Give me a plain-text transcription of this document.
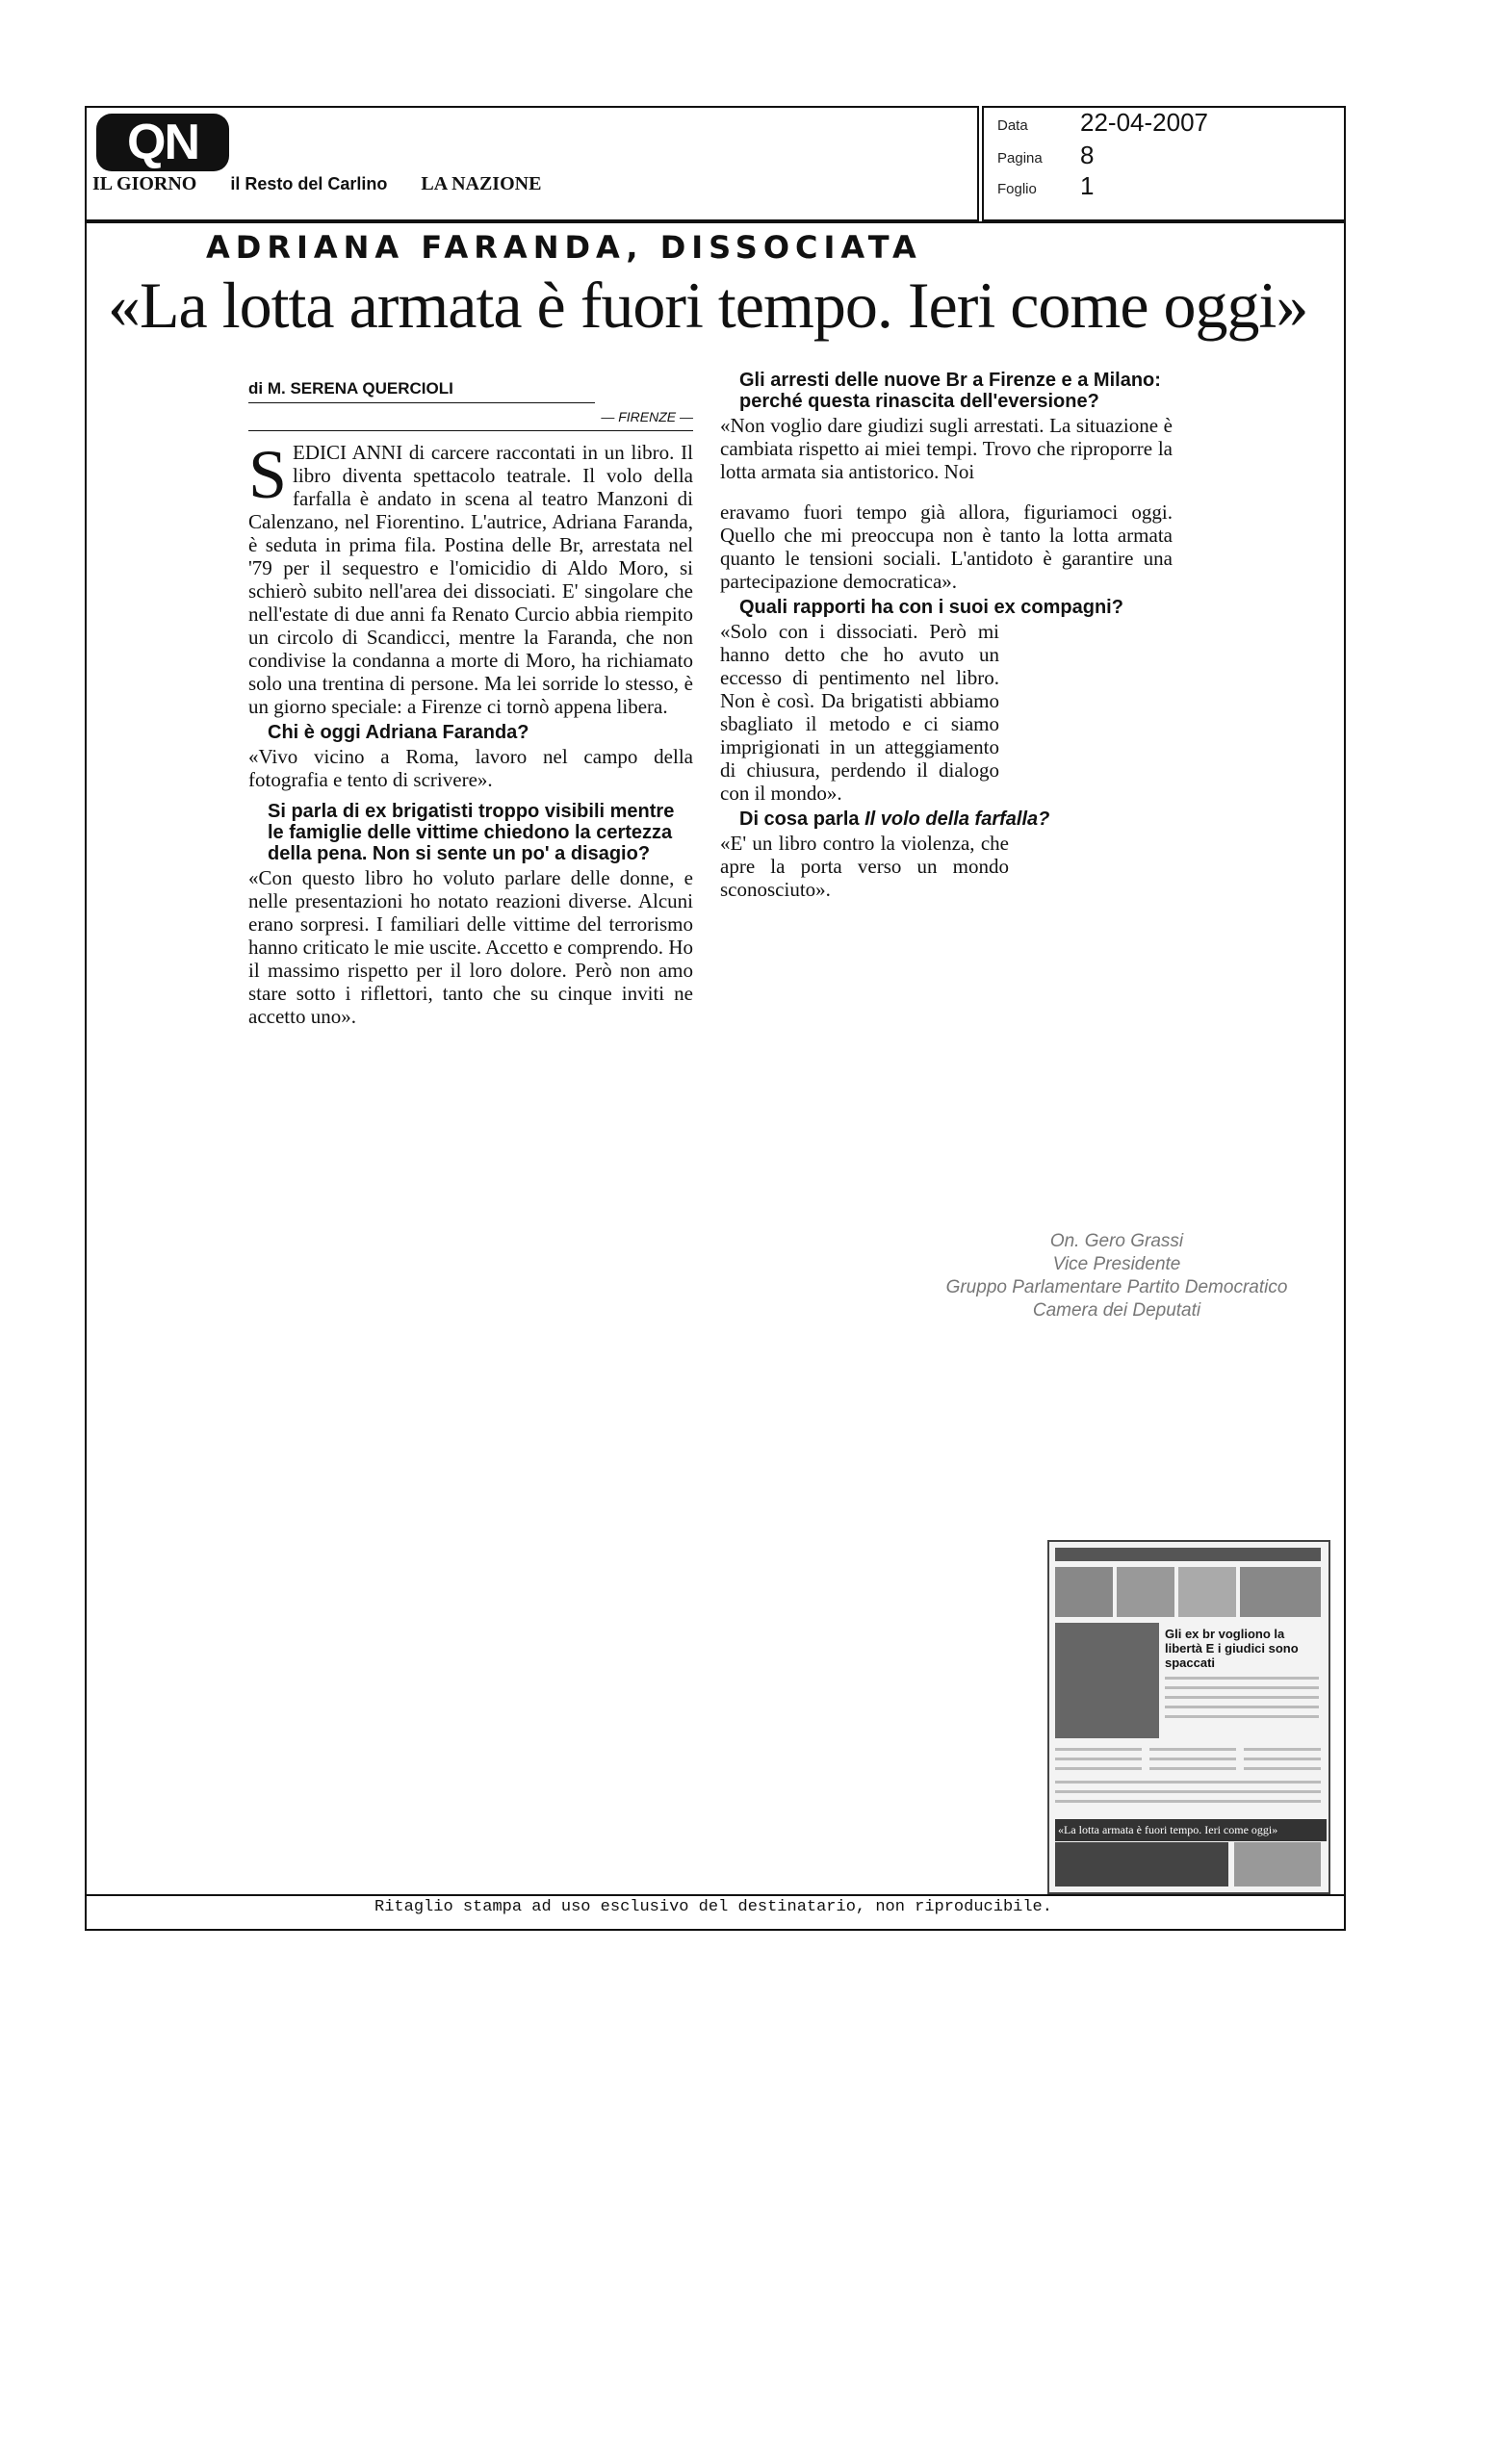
QN
IL GIORNO il Resto del Carlino LA NAZIONE
Data 22-04-2007
Pagina 8
Foglio 1
ADRIANA FARANDA, DISSOCIATA
«La lotta armata è fuori tempo. Ieri come oggi»
di M. SERENA QUERCIOLI
— FIRENZE —

SEDICI ANNI di carcere raccontati in un libro. Il libro diventa spettacolo teatrale. Il volo della farfalla è andato in scena al teatro Manzoni di Calenzano, nel Fiorentino. L'autrice, Adriana Faranda, è seduta in prima fila. Postina delle Br, arrestata nel '79 per il sequestro e l'omicidio di Aldo Moro, si schierò subito nell'area dei dissociati. E' singolare che nell'estate di due anni fa Renato Curcio abbia riempito un circolo di Scandicci, mentre la Faranda, che non condivise la condanna a morte di Moro, ha richiamato solo una trentina di persone. Ma lei sorride lo stesso, è un giorno speciale: a Firenze ci tornò appena libera.

Chi è oggi Adriana Faranda?

«Vivo vicino a Roma, lavoro nel campo della fotografia e tento di scrivere».

Si parla di ex brigatisti troppo visibili mentre le famiglie delle vittime chiedono la certezza della pena. Non si sente un po' a disagio?

«Con questo libro ho voluto parlare delle donne, e nelle presentazioni ho notato reazioni diverse. Alcuni erano sorpresi. I familiari delle vittime del terrorismo hanno criticato le mie uscite. Accetto e comprendo. Ho il massimo rispetto per il loro dolore. Però non amo stare sotto i riflettori, tanto che su cinque inviti ne accetto uno».

Gli arresti delle nuove Br a Firenze e a Milano: perché questa rinascita dell'eversione?

«Non voglio dare giudizi sugli arrestati. La situazione è cambiata rispetto ai miei tempi. Trovo che riproporre la lotta armata sia antistorico. Noi

eravamo fuori tempo già allora, figuriamoci oggi. Quello che mi preoccupa non è tanto la lotta armata quanto le tensioni sociali. L'antidoto è garantire una partecipazione democratica».

Quali rapporti ha con i suoi ex compagni?

«Solo con i dissociati. Però mi hanno detto che ho avuto un eccesso di pentimento nel libro. Non è così. Da brigatisti abbiamo sbagliato il metodo e ci siamo imprigionati in un atteggiamento di chiusura, perdendo il dialogo con il mondo».

Di cosa parla Il volo della farfalla?

«E' un libro contro la violenza, che apre la porta verso un mondo sconosciuto».

On. Gero Grassi
Vice Presidente
Gruppo Parlamentare Partito Democratico
Camera dei Deputati
Gli ex br vogliono la libertà E i giudici sono spaccati
«La lotta armata è fuori tempo. Ieri come oggi»
Ritaglio stampa ad uso esclusivo del destinatario, non riproducibile.
